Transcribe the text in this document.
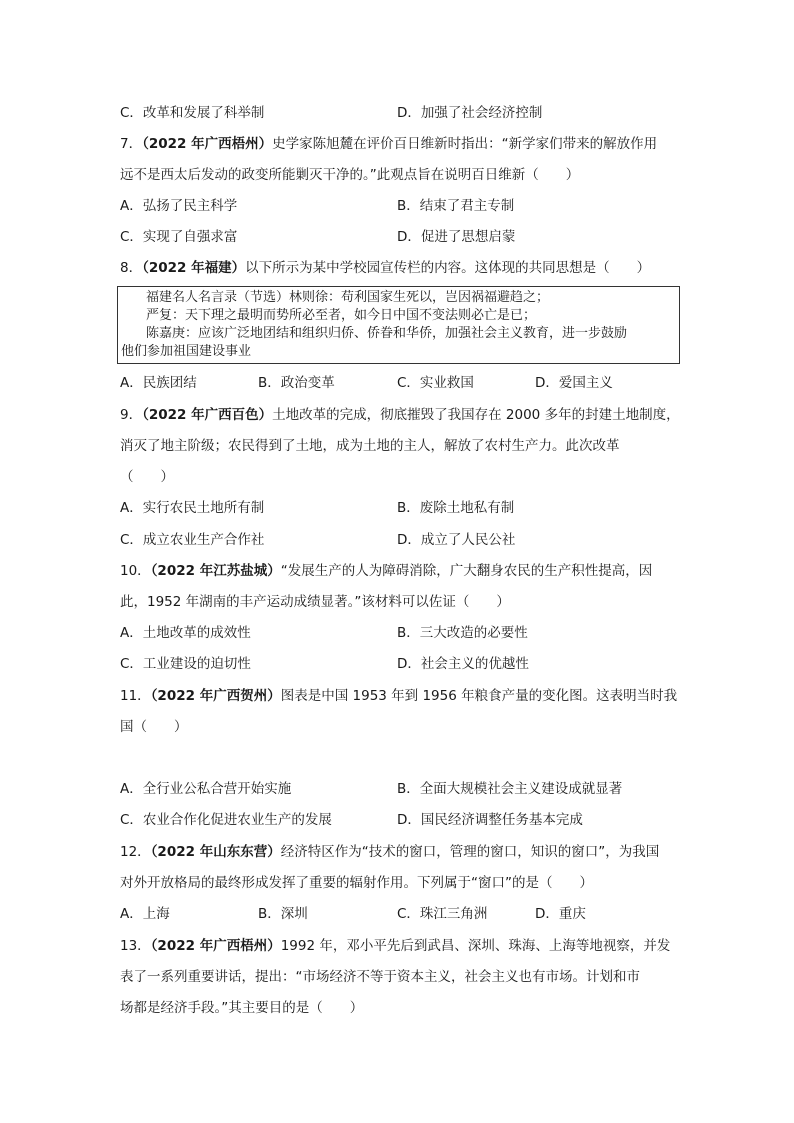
C．改革和发展了科举制	D．加强了社会经济控制
7．（2022 年广西梧州）史学家陈旭麓在评价百日维新时指出：“新学家们带来的解放作用
远不是西太后发动的政变所能剿灭干净的。”此观点旨在说明百日维新（　　）
A．弘扬了民主科学	B．结束了君主专制
C．实现了自强求富	D．促进了思想启蒙
8．（2022 年福建）以下所示为某中学校园宣传栏的内容。这体现的共同思想是（　　）
福建名人名言录（节选）林则徐：苟利国家生死以，岂因祸福避趋之；
严复：天下理之最明而势所必至者，如今日中国不变法则必亡是已；
陈嘉庚：应该广泛地团结和组织归侨、侨眷和华侨，加强社会主义教育，进一步鼓励
他们参加祖国建设事业
A．民族团结	B．政治变革	C．实业救国	D．爱国主义
9．（2022 年广西百色）土地改革的完成，彻底摧毁了我国存在 2000 多年的封建土地制度，
消灭了地主阶级；农民得到了土地，成为土地的主人，解放了农村生产力。此次改革
（　　）
A．实行农民土地所有制	B．废除土地私有制
C．成立农业生产合作社	D．成立了人民公社
10．（2022 年江苏盐城）“发展生产的人为障碍消除，广大翻身农民的生产积性提高，因
此，1952 年湖南的丰产运动成绩显著。”该材料可以佐证（　　）
A．土地改革的成效性	B．三大改造的必要性
C．工业建设的迫切性	D．社会主义的优越性
11．（2022 年广西贺州）图表是中国 1953 年到 1956 年粮食产量的变化图。这表明当时我
国（　　）
A．全行业公私合营开始实施	B．全面大规模社会主义建设成就显著
C．农业合作化促进农业生产的发展	D．国民经济调整任务基本完成
12．（2022 年山东东营）经济特区作为“技术的窗口，管理的窗口，知识的窗口”，为我国
对外开放格局的最终形成发挥了重要的辐射作用。下列属于“窗口”的是（　　）
A．上海	B．深圳	C．珠江三角洲	D．重庆
13．（2022 年广西梧州）1992 年，邓小平先后到武昌、深圳、珠海、上海等地视察，并发
表了一系列重要讲话，提出：“市场经济不等于资本主义，社会主义也有市场。计划和市
场都是经济手段。”其主要目的是（　　）
